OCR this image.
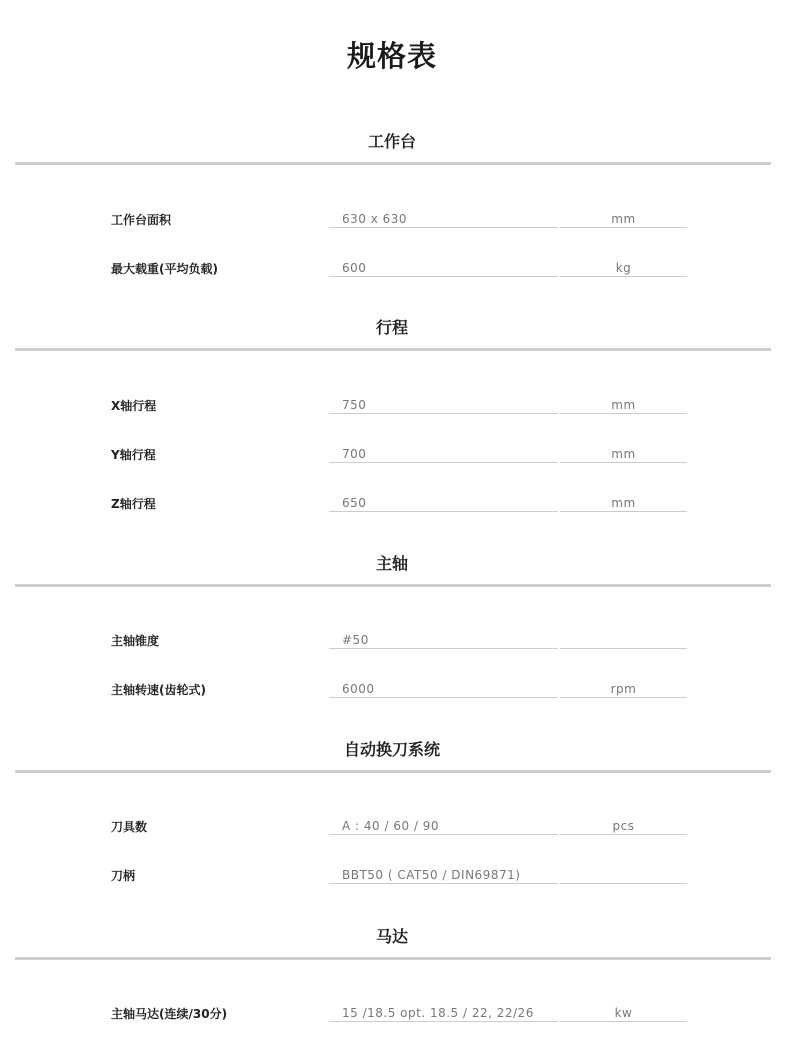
规格表
工作台
工作台面积	630 x 630	mm
最大载重(平均负载)	600	kg
行程
X轴行程	750	mm
Y轴行程	700	mm
Z轴行程	650	mm
主轴
主轴锥度	#50
主轴转速(齿轮式)	6000	rpm
自动换刀系统
刀具数	A : 40 / 60 / 90	pcs
刀柄	BBT50 ( CAT50 / DIN69871)
马达
主轴马达(连续/30分)	15 /18.5 opt. 18.5 / 22, 22/26	kw
